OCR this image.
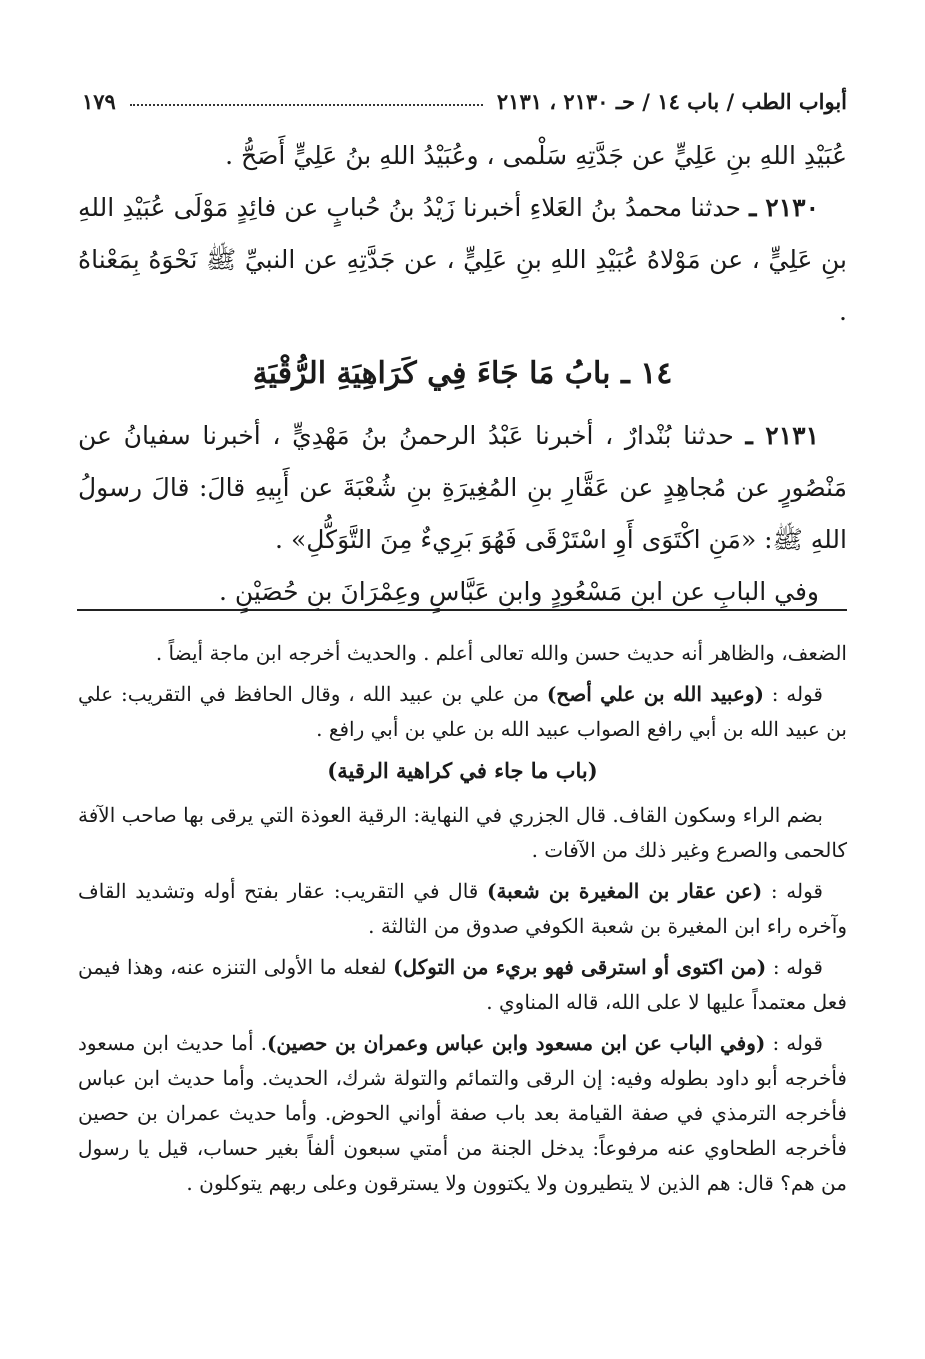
أبواب الطب / باب ١٤ / حـ ٢١٣٠ ، ٢١٣١
١٧٩

عُبَيْدِ اللهِ بنِ عَلِيٍّ عن جَدَّتِهِ سَلْمى ، وعُبَيْدُ اللهِ بنُ عَلِيٍّ أَصَحُّ .

٢١٣٠ ـ حدثنا محمدُ بنُ العَلاءِ أخبرنا زَيْدُ بنُ حُبابٍ عن فائِدٍ مَوْلَى عُبَيْدِ اللهِ بنِ عَلِيٍّ ، عن مَوْلاهُ عُبَيْدِ اللهِ بنِ عَلِيٍّ ، عن جَدَّتِهِ عن النبيِّ ﷺ نَحْوَهُ بِمَعْناهُ .

١٤ ـ بابُ مَا جَاءَ فِي كَرَاهِيَةِ الرُّقْيَةِ

٢١٣١ ـ حدثنا بُنْدارٌ ، أخبرنا عَبْدُ الرحمنُ بنُ مَهْدِيٍّ ، أخبرنا سفيانُ عن مَنْصُورٍ عن مُجاهِدٍ عن عَقَّارِ بنِ المُغِيرَةِ بنِ شُعْبَةَ عن أَبِيهِ قالَ: قالَ رسولُ اللهِ ﷺ: «مَنِ اكْتَوَى أَوِ اسْتَرْقَى فَهُوَ بَرِيءٌ مِنَ التَّوَكُّلِ» .

وفي البابِ عن ابنِ مَسْعُودٍ وابنِ عَبَّاسٍ وعِمْرَانَ بنِ حُصَيْنٍ .

الضعف، والظاهر أنه حديث حسن والله تعالى أعلم . والحديث أخرجه ابن ماجة أيضاً .

قوله : (وعبيد الله بن علي أصح) من علي بن عبيد الله ، وقال الحافظ في التقريب: علي بن عبيد الله بن أبي رافع الصواب عبيد الله بن علي بن أبي رافع .

(باب ما جاء في كراهية الرقية)

بضم الراء وسكون القاف. قال الجزري في النهاية: الرقية العوذة التي يرقى بها صاحب الآفة كالحمى والصرع وغير ذلك من الآفات .

قوله : (عن عقار بن المغيرة بن شعبة) قال في التقريب: عقار بفتح أوله وتشديد القاف وآخره راء ابن المغيرة بن شعبة الكوفي صدوق من الثالثة .

قوله : (من اكتوى أو استرقى فهو بريء من التوكل) لفعله ما الأولى التنزه عنه، وهذا فيمن فعل معتمداً عليها لا على الله، قاله المناوي .

قوله : (وفي الباب عن ابن مسعود وابن عباس وعمران بن حصين). أما حديث ابن مسعود فأخرجه أبو داود بطوله وفيه: إن الرقى والتمائم والتولة شرك، الحديث. وأما حديث ابن عباس فأخرجه الترمذي في صفة القيامة بعد باب صفة أواني الحوض. وأما حديث عمران بن حصين فأخرجه الطحاوي عنه مرفوعاً: يدخل الجنة من أمتي سبعون ألفاً بغير حساب، قيل يا رسول من هم؟ قال: هم الذين لا يتطيرون ولا يكتوون ولا يسترقون وعلى ربهم يتوكلون .
